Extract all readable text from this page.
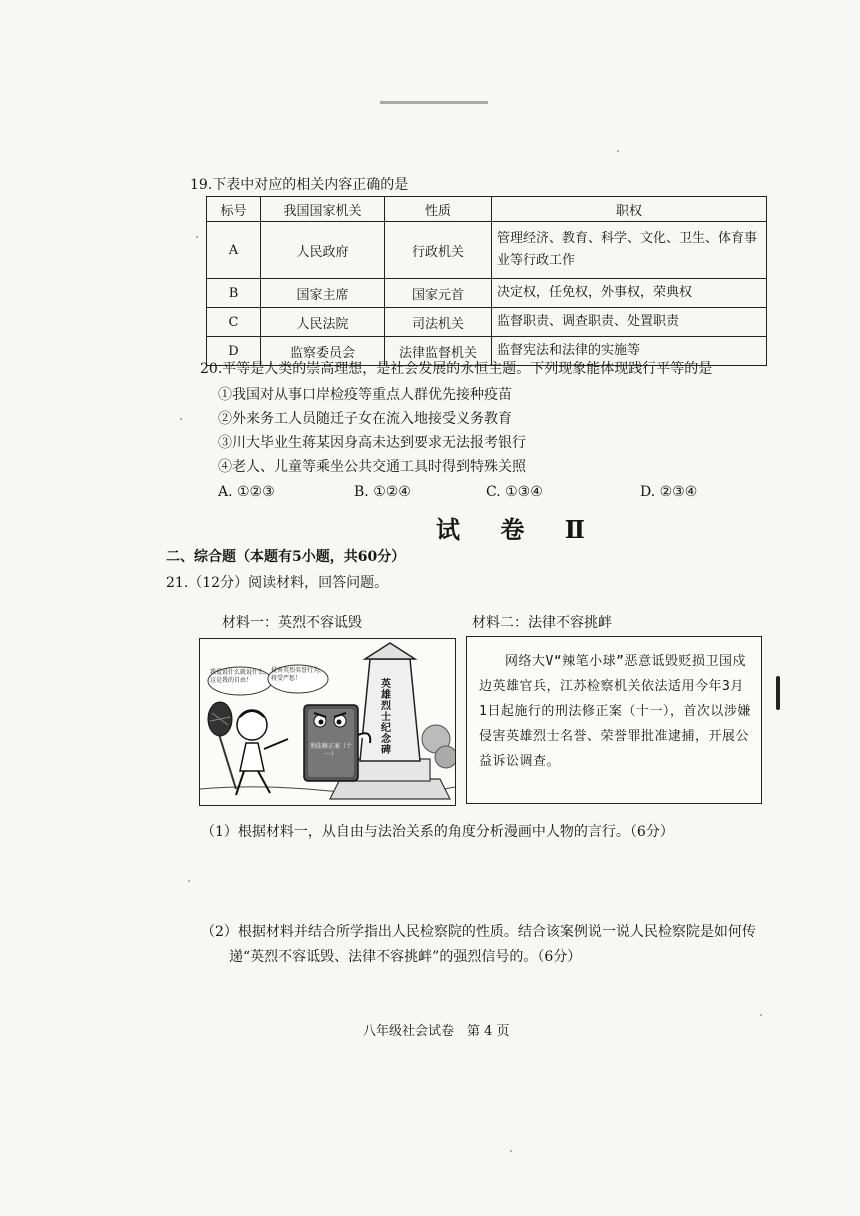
19.下表中对应的相关内容正确的是
标号	我国国家机关	性质	职权
A	人民政府	行政机关	管理经济、教育、科学、文化、卫生、体育事业等行政工作
B	国家主席	国家元首	决定权，任免权，外事权，荣典权
C	人民法院	司法机关	监督职责、调查职责、处置职责
D	监察委员会	法律监督机关	监督宪法和法律的实施等
20.平等是人类的崇高理想，是社会发展的永恒主题。下列现象能体现践行平等的是
①我国对从事口岸检疫等重点人群优先接种疫苗
②外来务工人员随迁子女在流入地接受义务教育
③川大毕业生蒋某因身高未达到要求无法报考银行
④老人、儿童等乘坐公共交通工具时得到特殊关照
A. ①②③	B. ①②④	C. ①③④	D. ②③④
试 卷 Ⅱ
二、综合题（本题有5小题，共60分）
21.（12分）阅读材料，回答问题。
材料一：英烈不容诋毁	材料二：法律不容挑衅
我爱说什么就说什么，这是我的自由！
侵害英烈名誉行为，将受严惩！
英雄烈士纪念碑
刑法修正案（十一）
网络大V“辣笔小球”恶意诋毁贬损卫国戍边英雄官兵，江苏检察机关依法适用今年3月1日起施行的刑法修正案（十一），首次以涉嫌侵害英雄烈士名誉、荣誉罪批准逮捕，开展公益诉讼调查。
（1）根据材料一，从自由与法治关系的角度分析漫画中人物的言行。（6分）
（2）根据材料并结合所学指出人民检察院的性质。结合该案例说一说人民检察院是如何传
递“英烈不容诋毁、法律不容挑衅”的强烈信号的。（6分）
八年级社会试卷　第 4 页
